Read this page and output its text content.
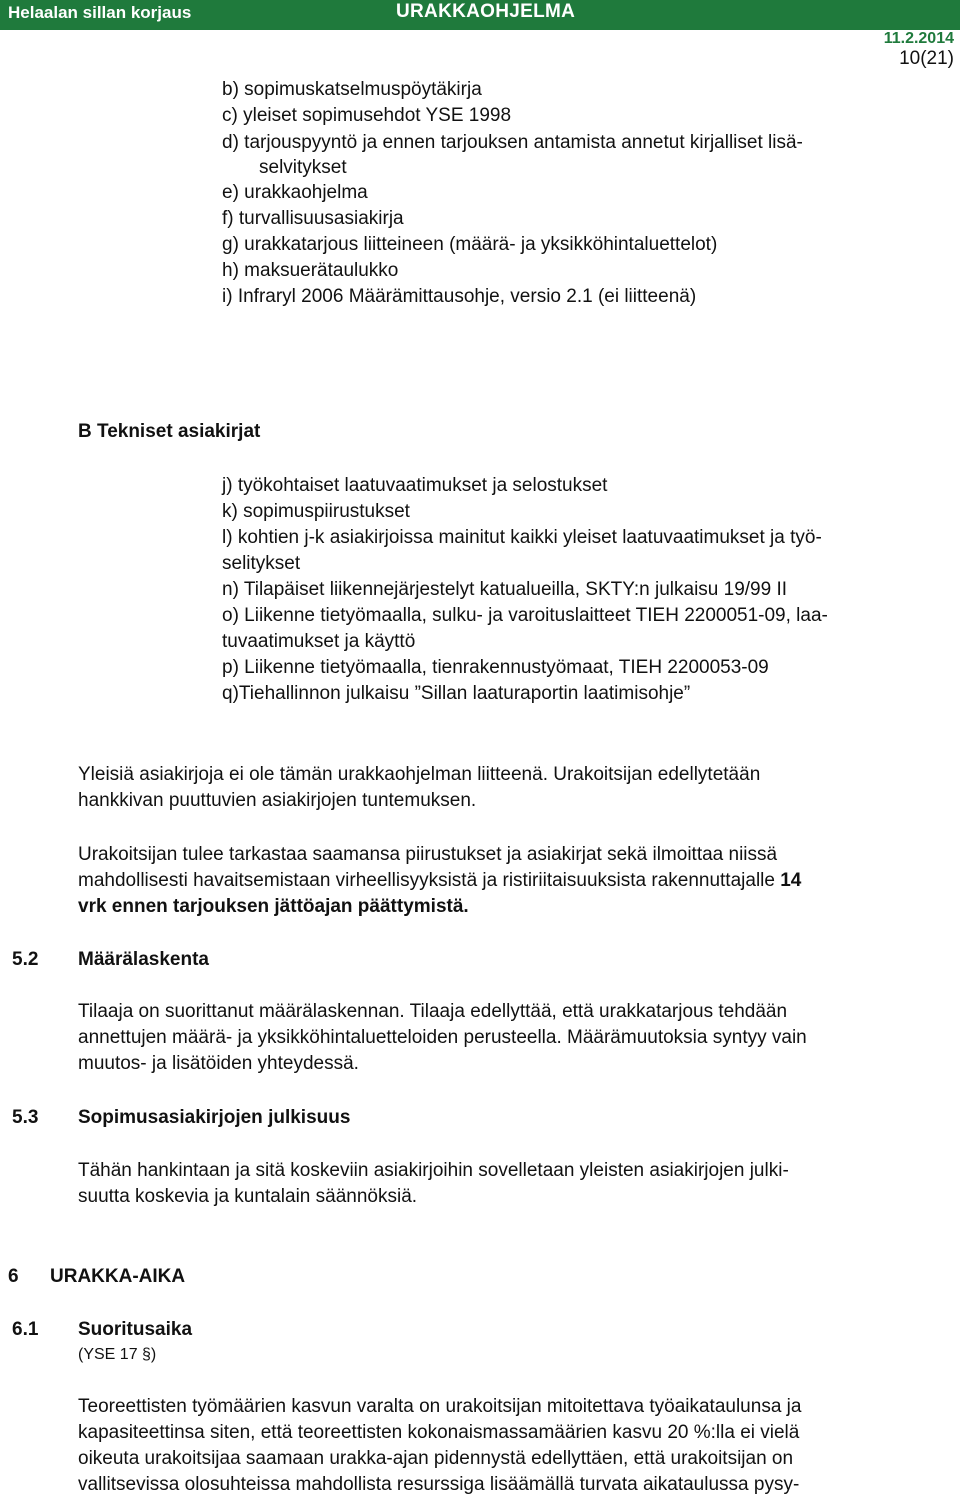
Helaalan sillan korjaus	URAKKAOHJELMA
11.2.2014
10(21)
b) sopimuskatselmuspöytäkirja
c) yleiset sopimusehdot YSE 1998
d) tarjouspyyntö ja ennen tarjouksen antamista annetut kirjalliset lisä-
selvitykset
e) urakkaohjelma
f) turvallisuusasiakirja
g) urakkatarjous liitteineen (määrä- ja yksikköhintaluettelot)
h) maksuerätaulukko
i) Infraryl 2006 Määrämittausohje, versio 2.1 (ei liitteenä)
B Tekniset asiakirjat
j) työkohtaiset laatuvaatimukset ja selostukset
k) sopimuspiirustukset
l) kohtien j-k asiakirjoissa mainitut kaikki yleiset laatuvaatimukset ja työ-
selitykset
n) Tilapäiset liikennejärjestelyt katualueilla, SKTY:n julkaisu 19/99 II
o) Liikenne tietyömaalla, sulku- ja varoituslaitteet TIEH 2200051-09, laa-
tuvaatimukset ja käyttö
p) Liikenne tietyömaalla, tienrakennustyömaat, TIEH 2200053-09
q)Tiehallinnon julkaisu ”Sillan laaturaportin laatimisohje”
Yleisiä asiakirjoja ei ole tämän urakkaohjelman liitteenä. Urakoitsijan edellytetään
hankkivan puuttuvien asiakirjojen tuntemuksen.
Urakoitsijan tulee tarkastaa saamansa piirustukset ja asiakirjat sekä ilmoittaa niissä
mahdollisesti havaitsemistaan virheellisyyksistä ja ristiriitaisuuksista rakennuttajalle 14
vrk ennen tarjouksen jättöajan päättymistä.
5.2 Määrälaskenta
Tilaaja on suorittanut määrälaskennan. Tilaaja edellyttää, että urakkatarjous tehdään
annettujen määrä- ja yksikköhintaluetteloiden perusteella. Määrämuutoksia syntyy vain
muutos- ja lisätöiden yhteydessä.
5.3 Sopimusasiakirjojen julkisuus
Tähän hankintaan ja sitä koskeviin asiakirjoihin sovelletaan yleisten asiakirjojen julki-
suutta koskevia ja kuntalain säännöksiä.
6 URAKKA-AIKA
6.1 Suoritusaika
(YSE 17 §)
Teoreettisten työmäärien kasvun varalta on urakoitsijan mitoitettava työaikataulunsa ja
kapasiteettinsa siten, että teoreettisten kokonaismassamäärien kasvu 20 %:lla ei vielä
oikeuta urakoitsijaa saamaan urakka-ajan pidennystä edellyttäen, että urakoitsijan on
vallitsevissa olosuhteissa mahdollista resurssiga lisäämällä turvata aikataulussa pysy-
